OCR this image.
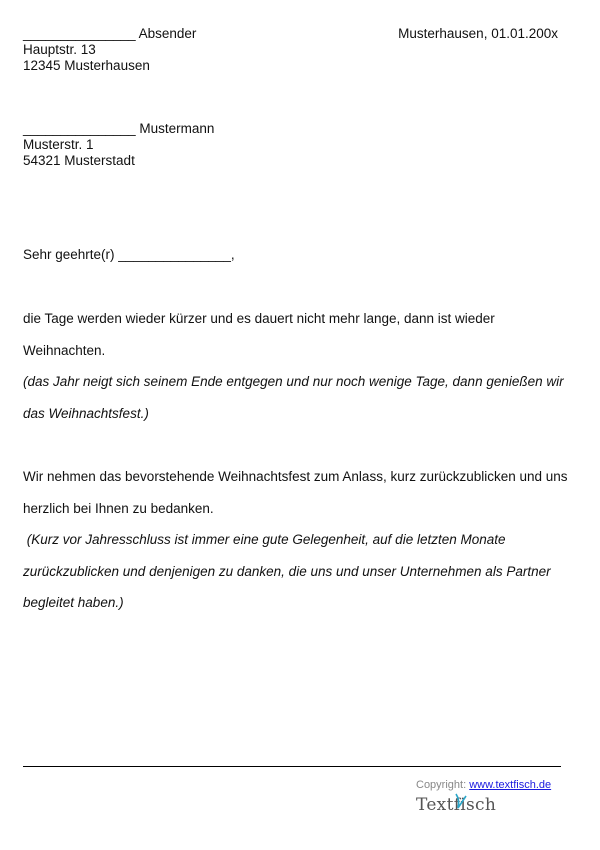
_______________ Absender
Hauptstr. 13
12345 Musterhausen
Musterhausen, 01.01.200x
_______________ Mustermann
Musterstr. 1
54321 Musterstadt
Sehr geehrte(r) _______________,
die Tage werden wieder kürzer und es dauert nicht mehr lange, dann ist wieder Weihnachten.
(das Jahr neigt sich seinem Ende entgegen und nur noch wenige Tage, dann genießen wir das Weihnachtsfest.)
Wir nehmen das bevorstehende Weihnachtsfest zum Anlass, kurz zurückzublicken und uns herzlich bei Ihnen zu bedanken.
(Kurz vor Jahresschluss ist immer eine gute Gelegenheit, auf die letzten Monate zurückzublicken und denjenigen zu danken, die uns und unser Unternehmen als Partner begleitet haben.)
Copyright: www.textfisch.de
Textfisch
